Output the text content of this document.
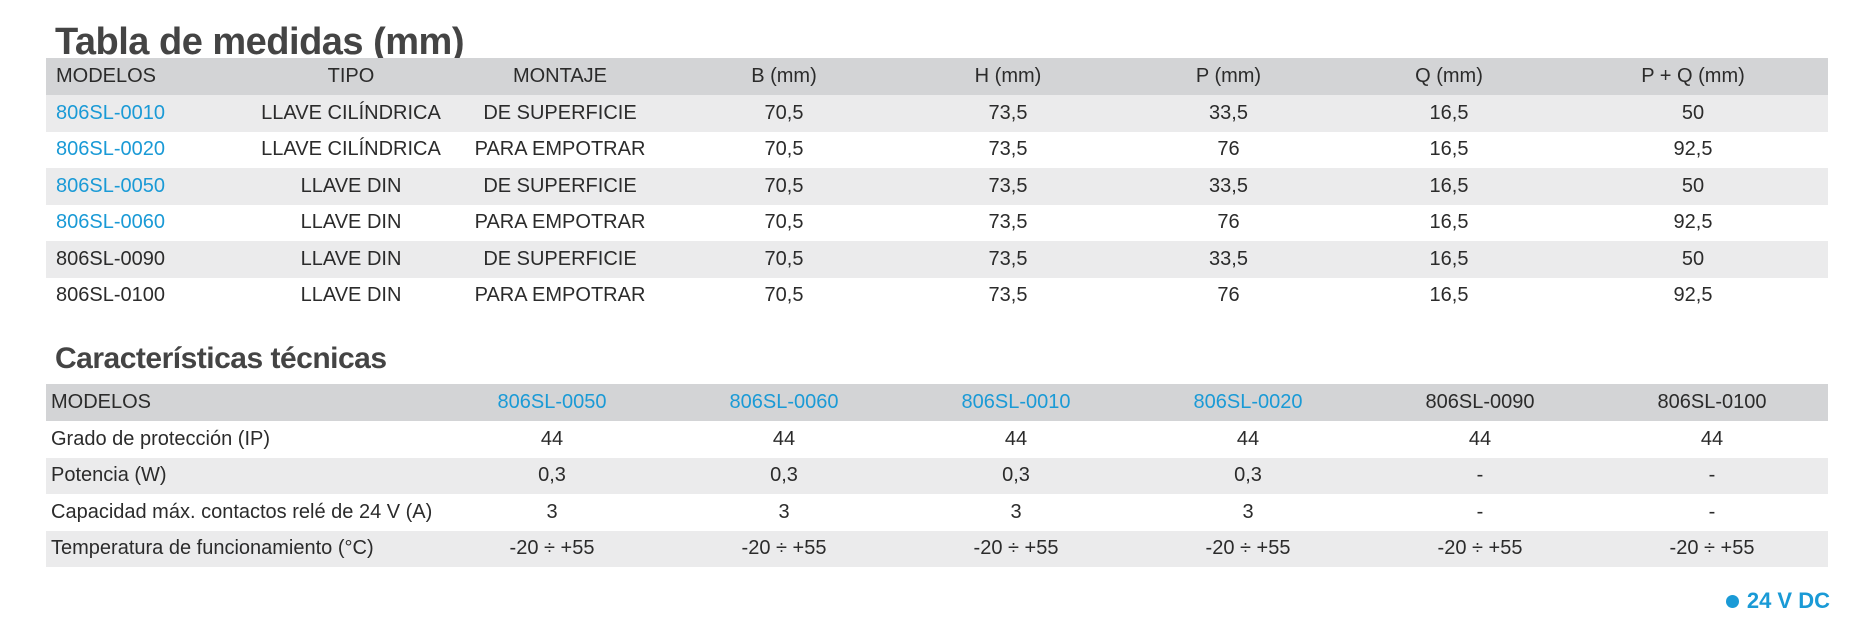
Tabla de medidas (mm)
MODELOS	TIPO	MONTAJE	B (mm)	H (mm)	P (mm)	Q (mm)	P + Q (mm)
806SL-0010	LLAVE CILÍNDRICA	DE SUPERFICIE	70,5	73,5	33,5	16,5	50
806SL-0020	LLAVE CILÍNDRICA	PARA EMPOTRAR	70,5	73,5	76	16,5	92,5
806SL-0050	LLAVE DIN	DE SUPERFICIE	70,5	73,5	33,5	16,5	50
806SL-0060	LLAVE DIN	PARA EMPOTRAR	70,5	73,5	76	16,5	92,5
806SL-0090	LLAVE DIN	DE SUPERFICIE	70,5	73,5	33,5	16,5	50
806SL-0100	LLAVE DIN	PARA EMPOTRAR	70,5	73,5	76	16,5	92,5
Características técnicas
MODELOS	806SL-0050	806SL-0060	806SL-0010	806SL-0020	806SL-0090	806SL-0100
Grado de protección (IP)	44	44	44	44	44	44
Potencia (W)	0,3	0,3	0,3	0,3	-	-
Capacidad máx. contactos relé de 24 V (A)	3	3	3	3	-	-
Temperatura de funcionamiento (°C)	-20 ÷ +55	-20 ÷ +55	-20 ÷ +55	-20 ÷ +55	-20 ÷ +55	-20 ÷ +55
24 V DC
